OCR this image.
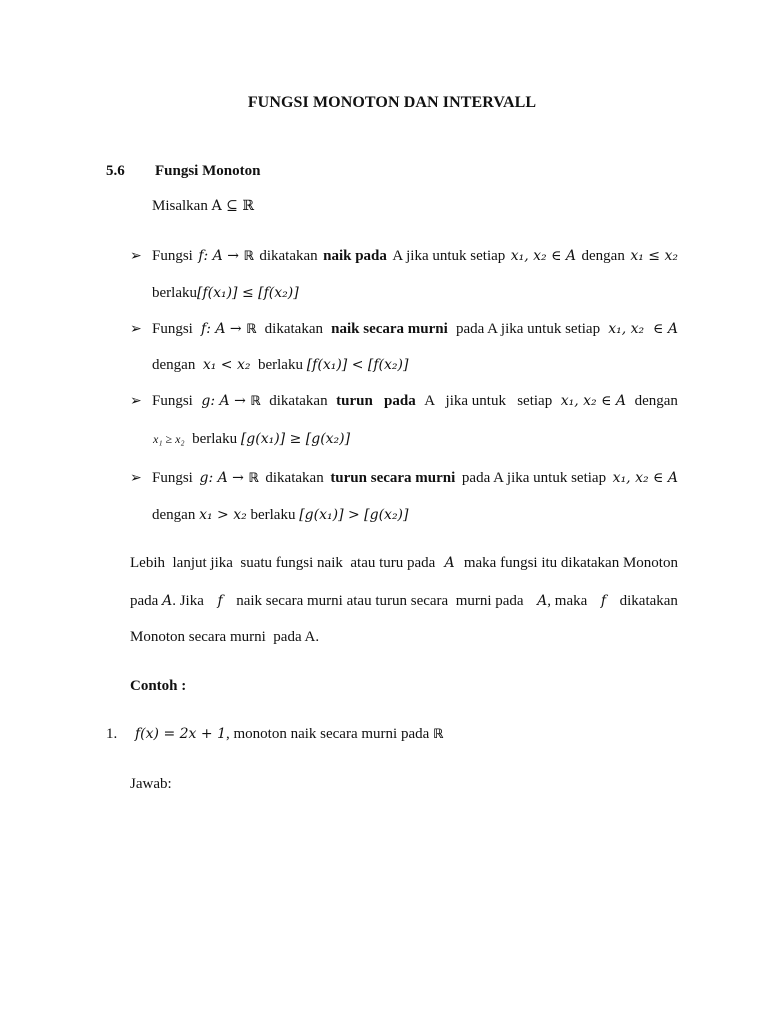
FUNGSI MONOTON DAN INTERVALL
5.6 Fungsi Monoton
Misalkan A ⊆ ℝ
➢ Fungsi f: A → ℝ dikatakan naik pada A jika untuk setiap x₁, x₂ ∈ A dengan x₁ ≤ x₂
berlaku[f(x₁)] ≤ [f(x₂)]
➢ Fungsi f: A → ℝ dikatakan naik secara murni pada A jika untuk setiap x₁, x₂  ∈ A
dengan x₁ < x₂ berlaku [f(x₁)] < [f(x₂)]
➢ Fungsi g: A → ℝ dikatakan turun   pada A   jika untuk   setiap x₁, x₂ ∈ A dengan
x₁ ≥ x₂ berlaku [g(x₁)] ≥ [g(x₂)]
➢ Fungsi g: A → ℝ dikatakan turun secara murni pada A jika untuk setiap x₁, x₂ ∈ A
dengan x₁ > x₂ berlaku [g(x₁)] > [g(x₂)]
Lebih  lanjut jika  suatu fungsi naik  atau turu pada A maka fungsi itu dikatakan Monoton
pada A. Jika f naik secara murni atau turun secara  murni pada A, maka f dikatakan
Monoton secara murni  pada A.
Contoh :
1. f(x) = 2x + 1, monoton naik secara murni pada ℝ
Jawab:
